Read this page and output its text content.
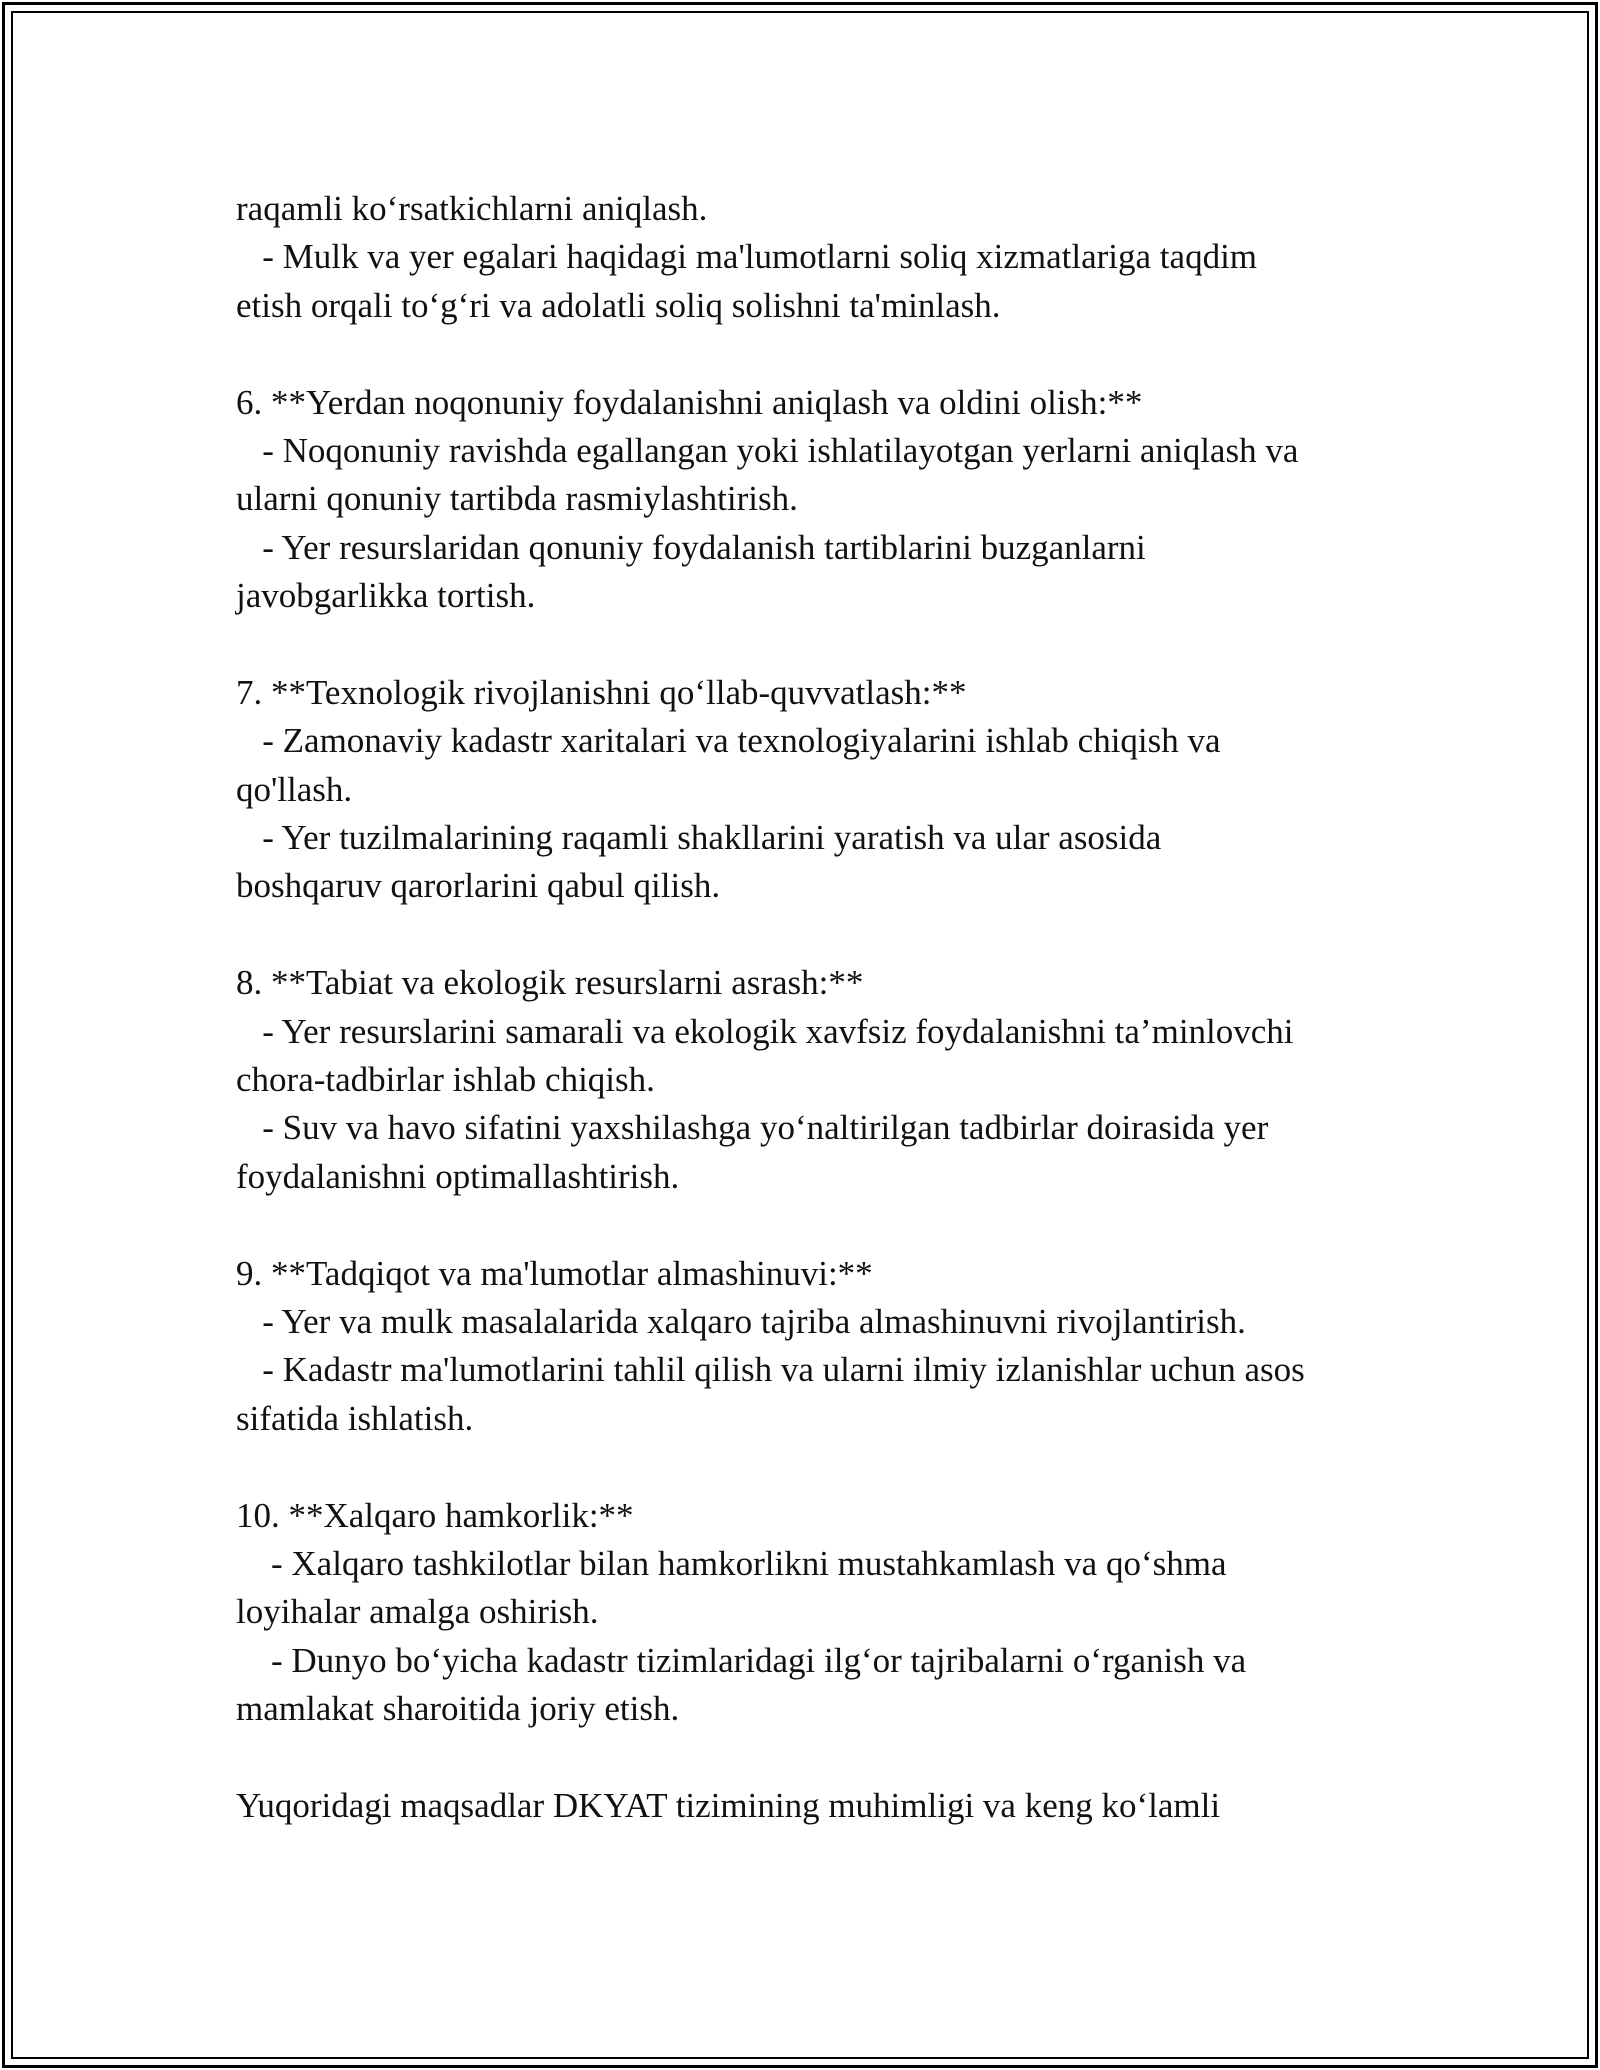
raqamli ko‘rsatkichlarni aniqlash.
- Mulk va yer egalari haqidagi ma'lumotlarni soliq xizmatlariga taqdim
etish orqali to‘g‘ri va adolatli soliq solishni ta'minlash.
6. **Yerdan noqonuniy foydalanishni aniqlash va oldini olish:**
- Noqonuniy ravishda egallangan yoki ishlatilayotgan yerlarni aniqlash va
ularni qonuniy tartibda rasmiylashtirish.
- Yer resurslaridan qonuniy foydalanish tartiblarini buzganlarni
javobgarlikka tortish.
7. **Texnologik rivojlanishni qo‘llab-quvvatlash:**
- Zamonaviy kadastr xaritalari va texnologiyalarini ishlab chiqish va
qo'llash.
- Yer tuzilmalarining raqamli shakllarini yaratish va ular asosida
boshqaruv qarorlarini qabul qilish.
8. **Tabiat va ekologik resurslarni asrash:**
- Yer resurslarini samarali va ekologik xavfsiz foydalanishni ta’minlovchi
chora-tadbirlar ishlab chiqish.
- Suv va havo sifatini yaxshilashga yo‘naltirilgan tadbirlar doirasida yer
foydalanishni optimallashtirish.
9. **Tadqiqot va ma'lumotlar almashinuvi:**
- Yer va mulk masalalarida xalqaro tajriba almashinuvni rivojlantirish.
- Kadastr ma'lumotlarini tahlil qilish va ularni ilmiy izlanishlar uchun asos
sifatida ishlatish.
10. **Xalqaro hamkorlik:**
- Xalqaro tashkilotlar bilan hamkorlikni mustahkamlash va qo‘shma
loyihalar amalga oshirish.
- Dunyo bo‘yicha kadastr tizimlaridagi ilg‘or tajribalarni o‘rganish va
mamlakat sharoitida joriy etish.
Yuqoridagi maqsadlar DKYAT tizimining muhimligi va keng ko‘lamli
